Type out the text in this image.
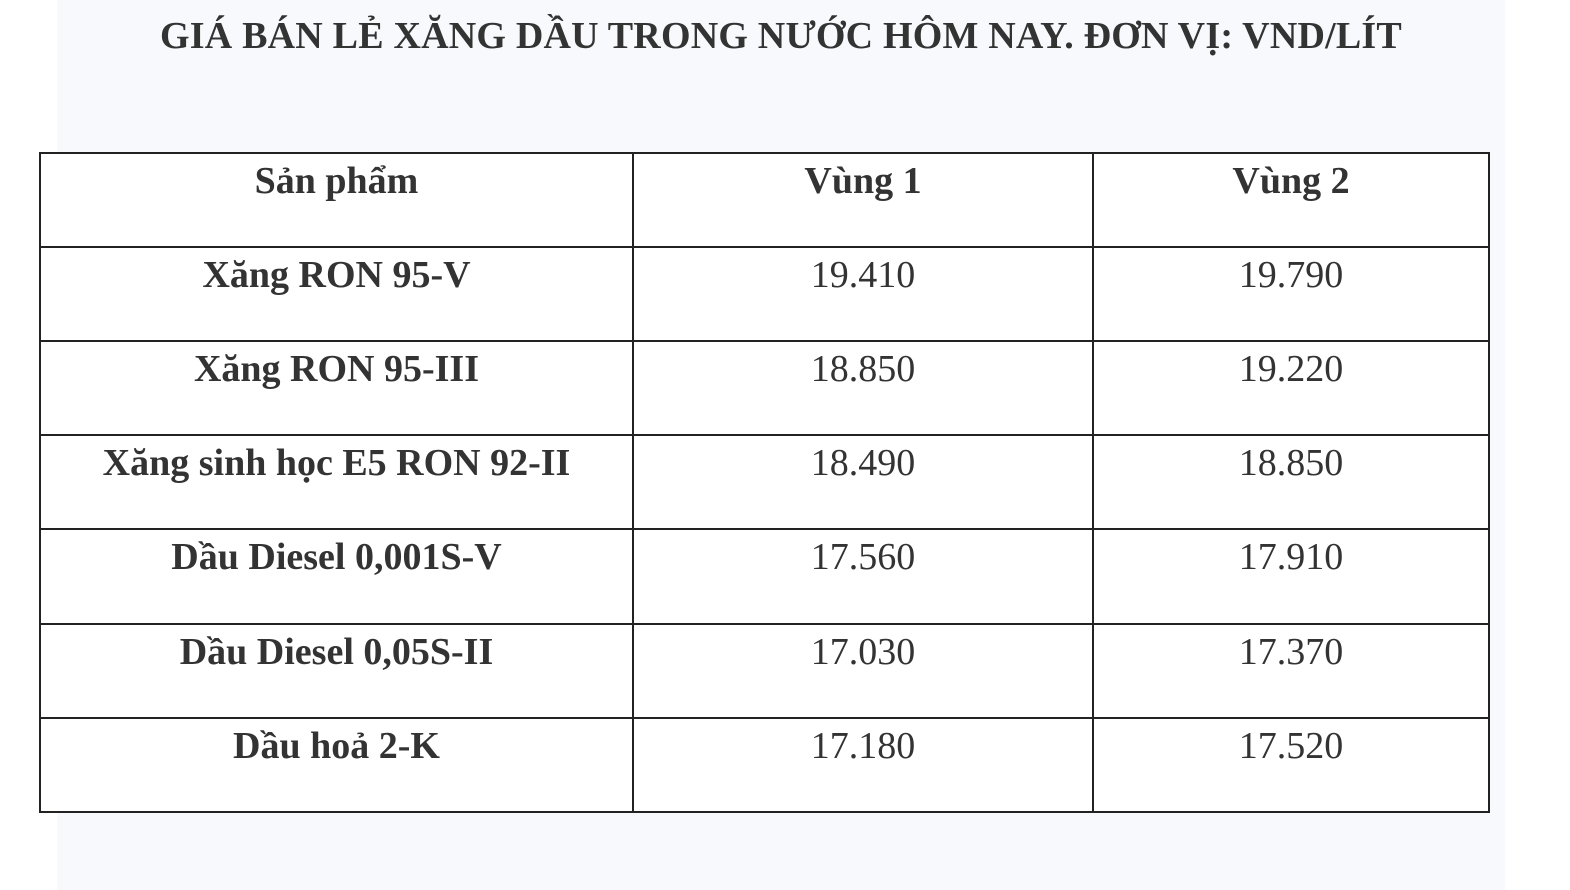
GIÁ BÁN LẺ XĂNG DẦU TRONG NƯỚC HÔM NAY. ĐƠN VỊ: VND/LÍT
Sản phẩm	Vùng 1	Vùng 2
Xăng RON 95-V	19.410	19.790
Xăng RON 95-III	18.850	19.220
Xăng sinh học E5 RON 92-II	18.490	18.850
Dầu Diesel 0,001S-V	17.560	17.910
Dầu Diesel 0,05S-II	17.030	17.370
Dầu hoả 2-K	17.180	17.520
